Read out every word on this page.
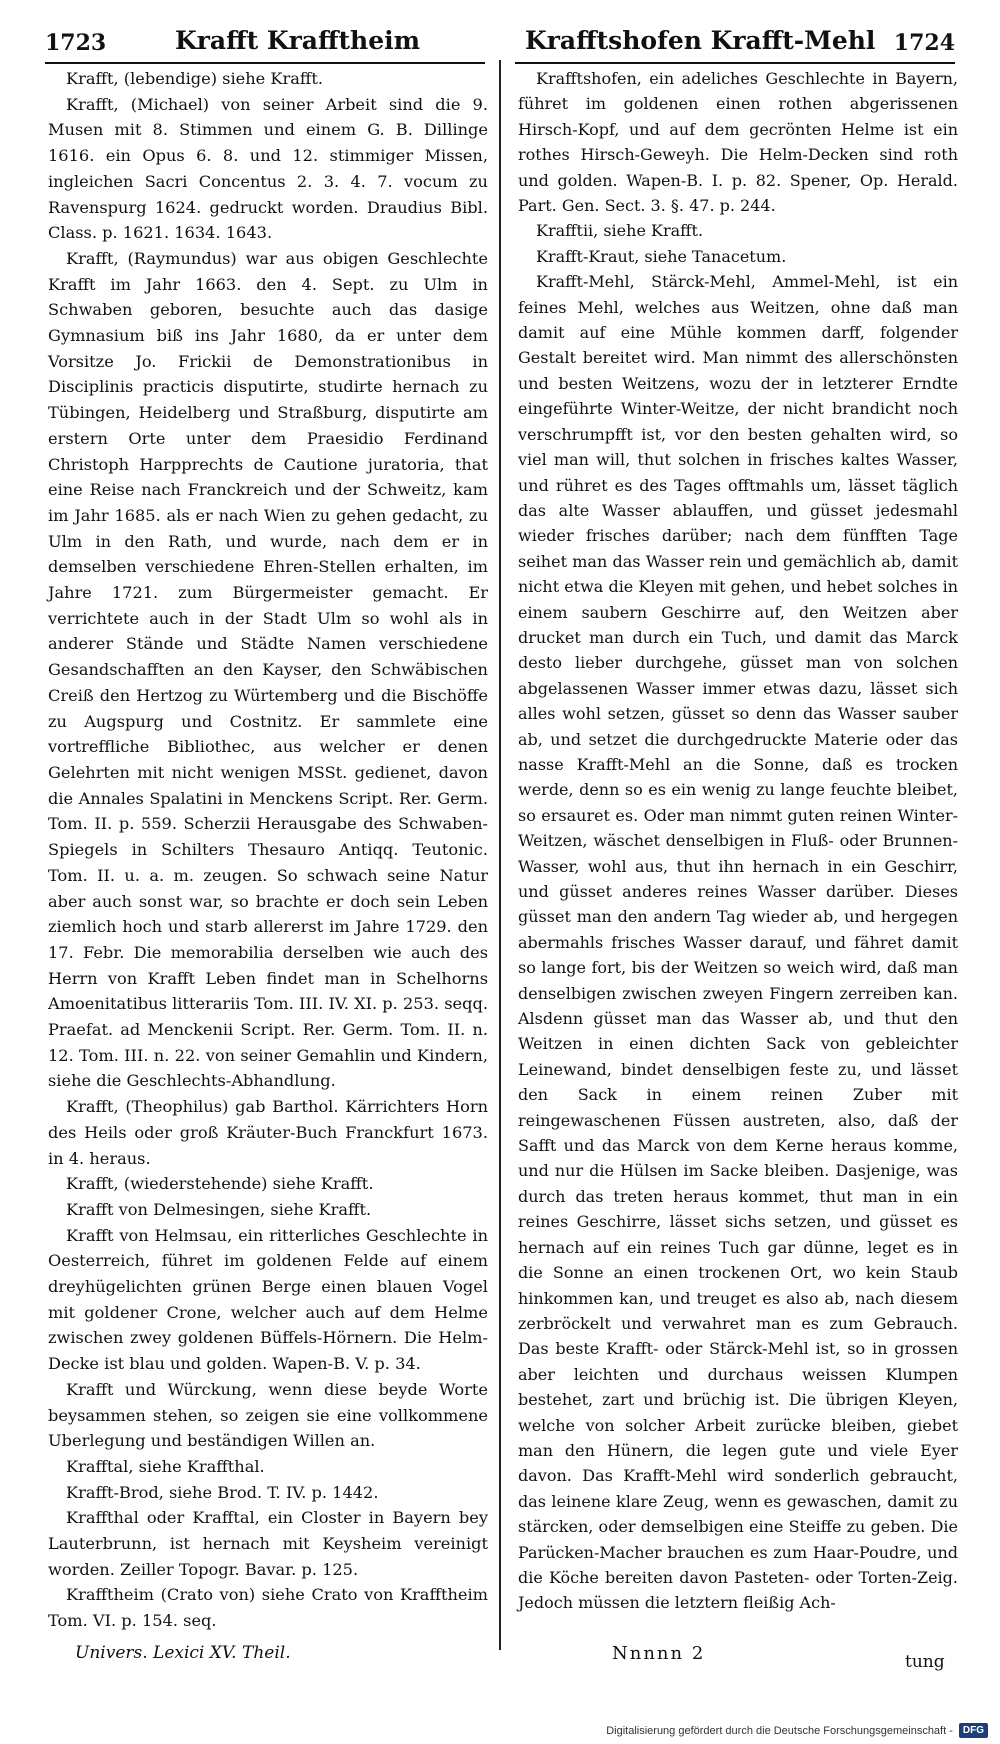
1723	Krafft Krafftheim	Krafftshofen Krafft-Mehl 1724

Krafft, (lebendige) siehe Krafft.

Krafft, (Michael) von seiner Arbeit sind die 9. Musen mit 8. Stimmen und einem G. B. Dillinge 1616. ein Opus 6. 8. und 12. stimmiger Missen, ingleichen Sacri Concentus 2. 3. 4. 7. vocum zu Ravenspurg 1624. gedruckt worden. Draudius Bibl. Class. p. 1621. 1634. 1643.

Krafft, (Raymundus) war aus obigen Geschlechte Krafft im Jahr 1663. den 4. Sept. zu Ulm in Schwaben geboren, besuchte auch das dasige Gymnasium biß ins Jahr 1680, da er unter dem Vorsitze Jo. Frickii de Demonstrationibus in Disciplinis practicis disputirte, studirte hernach zu Tübingen, Heidelberg und Straßburg, disputirte am erstern Orte unter dem Praesidio Ferdinand Christoph Harpprechts de Cautione juratoria, that eine Reise nach Franckreich und der Schweitz, kam im Jahr 1685. als er nach Wien zu gehen gedacht, zu Ulm in den Rath, und wurde, nach dem er in demselben verschiedene Ehren-Stellen erhalten, im Jahre 1721. zum Bürgermeister gemacht. Er verrichtete auch in der Stadt Ulm so wohl als in anderer Stände und Städte Namen verschiedene Gesandschafften an den Kayser, den Schwäbischen Creiß den Hertzog zu Würtemberg und die Bischöffe zu Augspurg und Costnitz. Er sammlete eine vortreffliche Bibliothec, aus welcher er denen Gelehrten mit nicht wenigen MSSt. gedienet, davon die Annales Spalatini in Menckens Script. Rer. Germ. Tom. II. p. 559. Scherzii Herausgabe des Schwaben-Spiegels in Schilters Thesauro Antiqq. Teutonic. Tom. II. u. a. m. zeugen. So schwach seine Natur aber auch sonst war, so brachte er doch sein Leben ziemlich hoch und starb allererst im Jahre 1729. den 17. Febr. Die memorabilia derselben wie auch des Herrn von Krafft Leben findet man in Schelhorns Amoenitatibus litterariis Tom. III. IV. XI. p. 253. seqq. Praefat. ad Menckenii Script. Rer. Germ. Tom. II. n. 12. Tom. III. n. 22. von seiner Gemahlin und Kindern, siehe die Geschlechts-Abhandlung.

Krafft, (Theophilus) gab Barthol. Kärrichters Horn des Heils oder groß Kräuter-Buch Franckfurt 1673. in 4. heraus.

Krafft, (wiederstehende) siehe Krafft.

Krafft von Delmesingen, siehe Krafft.

Krafft von Helmsau, ein ritterliches Geschlechte in Oesterreich, führet im goldenen Felde auf einem dreyhügelichten grünen Berge einen blauen Vogel mit goldener Crone, welcher auch auf dem Helme zwischen zwey goldenen Büffels-Hörnern. Die Helm-Decke ist blau und golden. Wapen-B. V. p. 34.

Krafft und Würckung, wenn diese beyde Worte beysammen stehen, so zeigen sie eine vollkommene Uberlegung und beständigen Willen an.

Krafftal, siehe Kraffthal.

Krafft-Brod, siehe Brod. T. IV. p. 1442.

Kraffthal oder Krafftal, ein Closter in Bayern bey Lauterbrunn, ist hernach mit Keysheim vereinigt worden. Zeiller Topogr. Bavar. p. 125.

Krafftheim (Crato von) siehe Crato von Krafftheim Tom. VI. p. 154. seq.

Krafftshofen, ein adeliches Geschlechte in Bayern, führet im goldenen einen rothen abgerissenen Hirsch-Kopf, und auf dem gecrönten Helme ist ein rothes Hirsch-Geweyh. Die Helm-Decken sind roth und golden. Wapen-B. I. p. 82. Spener, Op. Herald. Part. Gen. Sect. 3. §. 47. p. 244.

Krafftii, siehe Krafft.

Krafft-Kraut, siehe Tanacetum.

Krafft-Mehl, Stärck-Mehl, Ammel-Mehl, ist ein feines Mehl, welches aus Weitzen, ohne daß man damit auf eine Mühle kommen darff, folgender Gestalt bereitet wird. Man nimmt des allerschönsten und besten Weitzens, wozu der in letzterer Erndte eingeführte Winter-Weitze, der nicht brandicht noch verschrumpfft ist, vor den besten gehalten wird, so viel man will, thut solchen in frisches kaltes Wasser, und rühret es des Tages offtmahls um, lässet täglich das alte Wasser ablauffen, und güsset jedesmahl wieder frisches darüber; nach dem fünfften Tage seihet man das Wasser rein und gemächlich ab, damit nicht etwa die Kleyen mit gehen, und hebet solches in einem saubern Geschirre auf, den Weitzen aber drucket man durch ein Tuch, und damit das Marck desto lieber durchgehe, güsset man von solchen abgelassenen Wasser immer etwas dazu, lässet sich alles wohl setzen, güsset so denn das Wasser sauber ab, und setzet die durchgedruckte Materie oder das nasse Krafft-Mehl an die Sonne, daß es trocken werde, denn so es ein wenig zu lange feuchte bleibet, so ersauret es. Oder man nimmt guten reinen Winter-Weitzen, wäschet denselbigen in Fluß- oder Brunnen-Wasser, wohl aus, thut ihn hernach in ein Geschirr, und güsset anderes reines Wasser darüber. Dieses güsset man den andern Tag wieder ab, und hergegen abermahls frisches Wasser darauf, und fähret damit so lange fort, bis der Weitzen so weich wird, daß man denselbigen zwischen zweyen Fingern zerreiben kan. Alsdenn güsset man das Wasser ab, und thut den Weitzen in einen dichten Sack von gebleichter Leinewand, bindet denselbigen feste zu, und lässet den Sack in einem reinen Zuber mit reingewaschenen Füssen austreten, also, daß der Safft und das Marck von dem Kerne heraus komme, und nur die Hülsen im Sacke bleiben. Dasjenige, was durch das treten heraus kommet, thut man in ein reines Geschirre, lässet sichs setzen, und güsset es hernach auf ein reines Tuch gar dünne, leget es in die Sonne an einen trockenen Ort, wo kein Staub hinkommen kan, und treuget es also ab, nach diesem zerbröckelt und verwahret man es zum Gebrauch. Das beste Krafft- oder Stärck-Mehl ist, so in grossen aber leichten und durchaus weissen Klumpen bestehet, zart und brüchig ist. Die übrigen Kleyen, welche von solcher Arbeit zurücke bleiben, giebet man den Hünern, die legen gute und viele Eyer davon. Das Krafft-Mehl wird sonderlich gebraucht, das leinene klare Zeug, wenn es gewaschen, damit zu stärcken, oder demselbigen eine Steiffe zu geben. Die Parücken-Macher brauchen es zum Haar-Poudre, und die Köche bereiten davon Pasteten- oder Torten-Zeig. Jedoch müssen die letztern fleißig Ach-

Univers. Lexici XV. Theil.	Nnnnn 2	tung
Digitalisierung gefördert durch die Deutsche Forschungsgemeinschaft -	DFG
